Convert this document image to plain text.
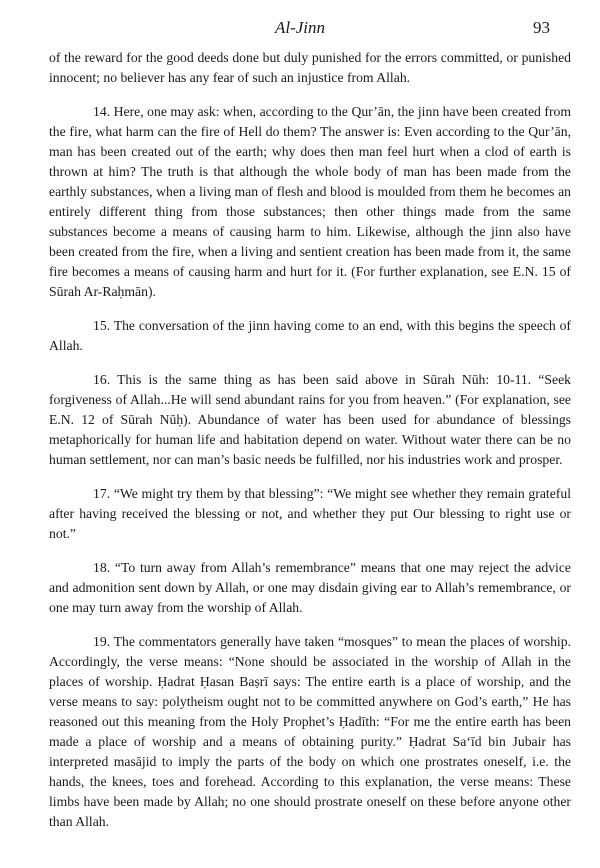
Al-Jinn	93

of the reward for the good deeds done but duly punished for the errors committed, or punished innocent; no believer has any fear of such an injustice from Allah.

14. Here, one may ask: when, according to the Qur’ān, the jinn have been created from the fire, what harm can the fire of Hell do them? The answer is: Even according to the Qur’ān, man has been created out of the earth; why does then man feel hurt when a clod of earth is thrown at him? The truth is that although the whole body of man has been made from the earthly substances, when a living man of flesh and blood is moulded from them he becomes an entirely different thing from those substances; then other things made from the same substances become a means of causing harm to him. Likewise, although the jinn also have been created from the fire, when a living and sentient creation has been made from it, the same fire becomes a means of causing harm and hurt for it. (For further explanation, see E.N. 15 of Sūrah Ar-Raḥmān).

15. The conversation of the jinn having come to an end, with this begins the speech of Allah.

16. This is the same thing as has been said above in Sūrah Nūh: 10-11. “Seek forgiveness of Allah...He will send abundant rains for you from heaven.” (For explanation, see E.N. 12 of Sūrah Nūḥ). Abundance of water has been used for abundance of blessings metaphorically for human life and habitation depend on water. Without water there can be no human settlement, nor can man’s basic needs be fulfilled, nor his industries work and prosper.

17. “We might try them by that blessing”: “We might see whether they remain grateful after having received the blessing or not, and whether they put Our blessing to right use or not.”

18. “To turn away from Allah’s remembrance” means that one may reject the advice and admonition sent down by Allah, or one may disdain giving ear to Allah’s remembrance, or one may turn away from the worship of Allah.

19. The commentators generally have taken “mosques” to mean the places of worship. Accordingly, the verse means: “None should be associated in the worship of Allah in the places of worship. Ḥadrat Ḥasan Baṣrī says: The entire earth is a place of worship, and the verse means to say: polytheism ought not to be committed anywhere on God’s earth,” He has reasoned out this meaning from the Holy Prophet’s Ḥadīth: “For me the entire earth has been made a place of worship and a means of obtaining purity.” Ḥadrat Sa‘īd bin Jubair has interpreted masājid to imply the parts of the body on which one prostrates oneself, i.e. the hands, the knees, toes and forehead. According to this explanation, the verse means: These limbs have been made by Allah; no one should prostrate oneself on these before anyone other than Allah.
